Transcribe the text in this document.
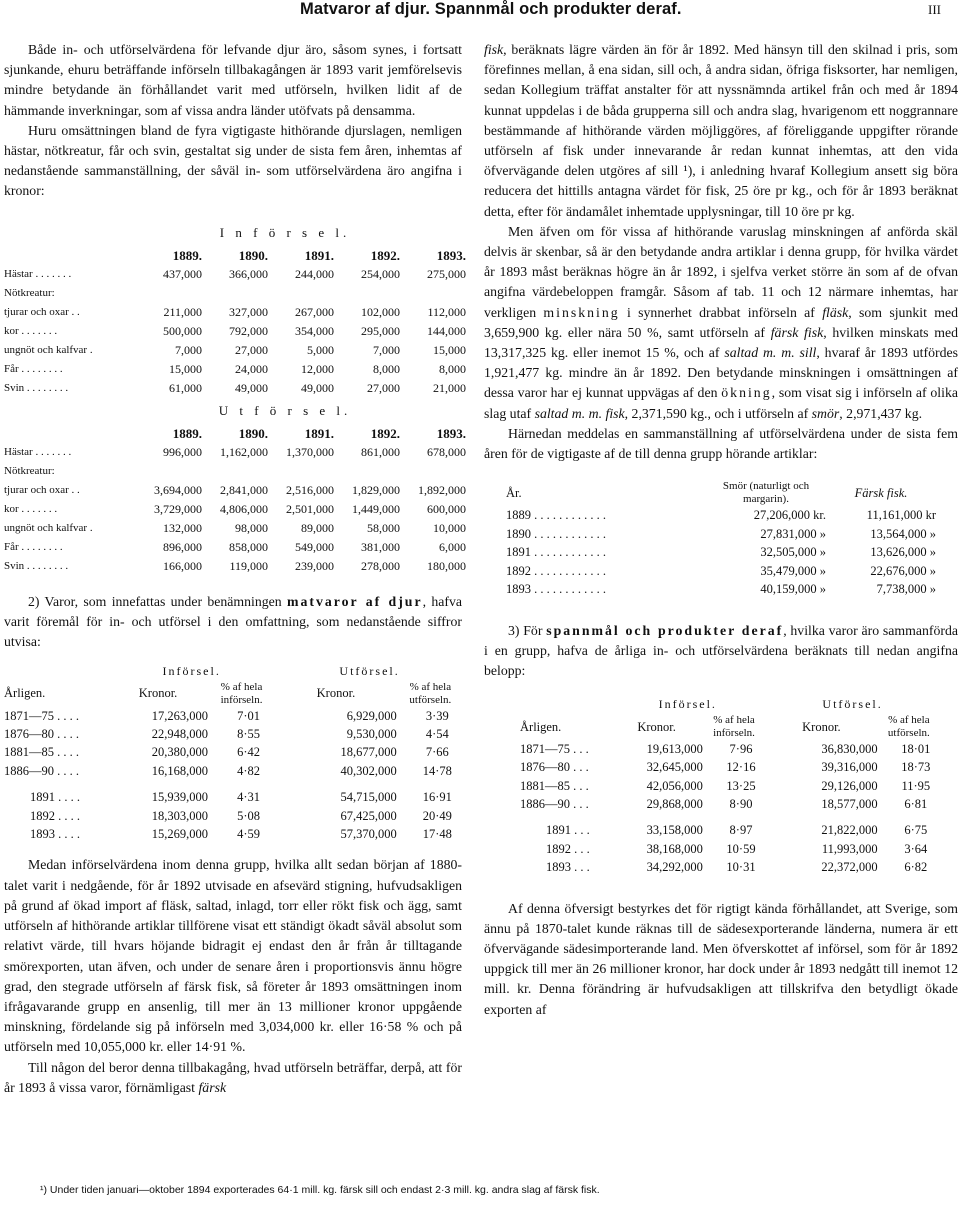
Matvaror af djur. Spannmål och produkter deraf.	III

Både in- och utförselvärdena för lefvande djur äro, såsom synes, i fortsatt sjunkande, ehuru beträffande införseln tillbakagången är 1893 varit jemförelsevis mindre betydande än förhållandet varit med utförseln, hvilken lidit af de hämmande inverkningar, som af vissa andra länder utöfvats på densamma.

Huru omsättningen bland de fyra vigtigaste hithörande djurslagen, nemligen hästar, nötkreatur, får och svin, gestaltat sig under de sista fem åren, inhemtas af nedanstående sammanställning, der såväl in- som utförselvärdena äro angifna i kronor:

I n f ö r s e l.					
	1889.	1890.	1891.	1892.	1893.
Hästar . . . . . . .	437,000	366,000	244,000	254,000	275,000
Nötkreatur:					
tjurar och oxar . .	211,000	327,000	267,000	102,000	112,000
kor . . . . . . .	500,000	792,000	354,000	295,000	144,000
ungnöt och kalfvar .	7,000	27,000	5,000	7,000	15,000
Får . . . . . . . .	15,000	24,000	12,000	8,000	8,000
Svin . . . . . . . .	61,000	49,000	49,000	27,000	21,000
U t f ö r s e l.					
	1889.	1890.	1891.	1892.	1893.
Hästar . . . . . . .	996,000	1,162,000	1,370,000	861,000	678,000
Nötkreatur:					
tjurar och oxar . .	3,694,000	2,841,000	2,516,000	1,829,000	1,892,000
kor . . . . . . .	3,729,000	4,806,000	2,501,000	1,449,000	600,000
ungnöt och kalfvar .	132,000	98,000	89,000	58,000	10,000
Får . . . . . . . .	896,000	858,000	549,000	381,000	6,000
Svin . . . . . . . .	166,000	119,000	239,000	278,000	180,000

2) Varor, som innefattas under benämningen matvaror af djur, hafva varit föremål för in- och utförsel i den omfattning, som nedanstående siffror utvisa:

	Införsel.		Utförsel.	
Årligen.	Kronor.	% af hela införseln.	Kronor.	% af hela utförseln.
1871—75 . . . .	17,263,000	7·01	6,929,000	3·39
1876—80 . . . .	22,948,000	8·55	9,530,000	4·54
1881—85 . . . .	20,380,000	6·42	18,677,000	7·66
1886—90 . . . .	16,168,000	4·82	40,302,000	14·78

1891 . . . .	15,939,000	4·31	54,715,000	16·91
1892 . . . .	18,303,000	5·08	67,425,000	20·49
1893 . . . .	15,269,000	4·59	57,370,000	17·48

Medan införselvärdena inom denna grupp, hvilka allt sedan början af 1880-talet varit i nedgående, för år 1892 utvisade en afsevärd stigning, hufvudsakligen på grund af ökad import af fläsk, saltad, inlagd, torr eller rökt fisk och ägg, samt utförseln af hithörande artiklar tillförene visat ett ständigt ökadt såväl absolut som relativt värde, till hvars höjande bidragit ej endast den år från år tilltagande smörexporten, utan äfven, och under de senare åren i proportionsvis ännu högre grad, den stegrade utförseln af färsk fisk, så företer år 1893 omsättningen inom ifrågavarande grupp en ansenlig, till mer än 13 millioner kronor uppgående minskning, fördelande sig på införseln med 3,034,000 kr. eller 16·58 % och på utförseln med 10,055,000 kr. eller 14·91 %.

Till någon del beror denna tillbakagång, hvad utförseln beträffar, derpå, att för år 1893 å vissa varor, förnämligast färsk

fisk, beräknats lägre värden än för år 1892. Med hänsyn till den skilnad i pris, som förefinnes mellan, å ena sidan, sill och, å andra sidan, öfriga fisksorter, har nemligen, sedan Kollegium träffat anstalter för att nyssnämnda artikel från och med år 1894 kunnat uppdelas i de båda grupperna sill och andra slag, hvarigenom ett noggrannare bestämmande af hithörande värden möjliggöres, af föreliggande uppgifter rörande utförseln af fisk under innevarande år redan kunnat inhemtas, att den vida öfvervägande delen utgöres af sill ¹), i anledning hvaraf Kollegium ansett sig böra reducera det hittills antagna värdet för fisk, 25 öre pr kg., och för år 1893 beräknat detta, efter för ändamålet inhemtade upplysningar, till 10 öre pr kg.

Men äfven om för vissa af hithörande varuslag minskningen af anförda skäl delvis är skenbar, så är den betydande andra artiklar i denna grupp, för hvilka värdet år 1893 måst beräknas högre än år 1892, i sjelfva verket större än som af de ofvan angifna värdebeloppen framgår. Såsom af tab. 11 och 12 närmare inhemtas, har verkligen minskning i synnerhet drabbat införseln af fläsk, som sjunkit med 3,659,900 kg. eller nära 50 %, samt utförseln af färsk fisk, hvilken minskats med 13,317,325 kg. eller inemot 15 %, och af saltad m. m. sill, hvaraf år 1893 utfördes 1,921,477 kg. mindre än år 1892. Den betydande minskningen i omsättningen af dessa varor har ej kunnat uppvägas af den ökning, som visat sig i införseln af olika slag utaf saltad m. m. fisk, 2,371,590 kg., och i utförseln af smör, 2,971,437 kg.

Härnedan meddelas en sammanställning af utförselvärdena under de sista fem åren för de vigtigaste af de till denna grupp hörande artiklar:

År.	Smör (naturligt och margarin).	Färsk fisk.
1889 . . . . . . . . . . . .	27,206,000 kr.	11,161,000 kr
1890 . . . . . . . . . . . .	27,831,000 »	13,564,000 »
1891 . . . . . . . . . . . .	32,505,000 »	13,626,000 »
1892 . . . . . . . . . . . .	35,479,000 »	22,676,000 »
1893 . . . . . . . . . . . .	40,159,000 »	7,738,000 »

3) För spannmål och produkter deraf, hvilka varor äro sammanförda i en grupp, hafva de årliga in- och utförselvärdena beräknats till nedan angifna belopp:

	Införsel.		Utförsel.	
Årligen.	Kronor.	% af hela införseln.	Kronor.	% af hela utförseln.
1871—75 . . .	19,613,000	7·96	36,830,000	18·01
1876—80 . . .	32,645,000	12·16	39,316,000	18·73
1881—85 . . .	42,056,000	13·25	29,126,000	11·95
1886—90 . . .	29,868,000	8·90	18,577,000	6·81

1891 . . .	33,158,000	8·97	21,822,000	6·75
1892 . . .	38,168,000	10·59	11,993,000	3·64
1893 . . .	34,292,000	10·31	22,372,000	6·82

Af denna öfversigt bestyrkes det för rigtigt kända förhållandet, att Sverige, som ännu på 1870-talet kunde räknas till de sädesexporterande länderna, numera är ett öfvervägande sädesimporterande land. Men öfverskottet af införsel, som för år 1892 uppgick till mer än 26 millioner kronor, har dock under år 1893 nedgått till inemot 12 mill. kr. Denna förändring är hufvudsakligen att tillskrifva den betydligt ökade exporten af

¹) Under tiden januari—oktober 1894 exporterades 64·1 mill. kg. färsk sill och endast 2·3 mill. kg. andra slag af färsk fisk.
